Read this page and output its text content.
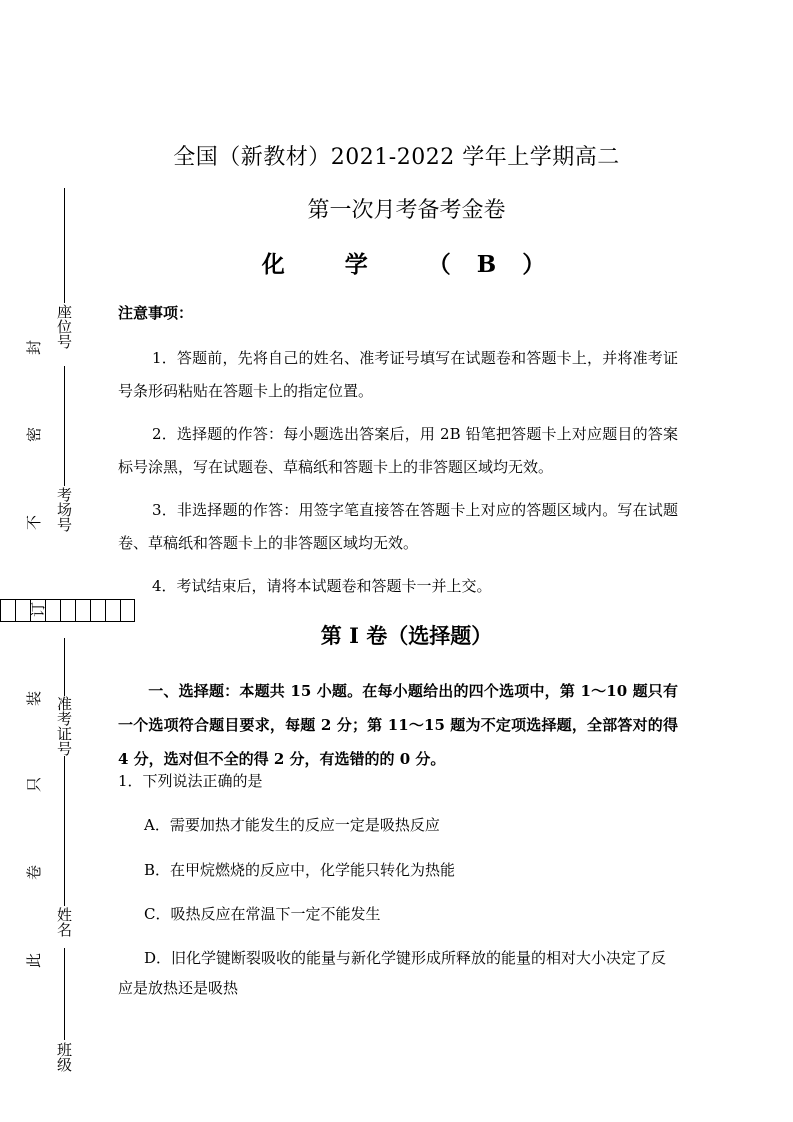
全国（新教材）2021-2022 学年上学期高二
第一次月考备考金卷
化 学 （B）
注意事项：
1．答题前，先将自己的姓名、准考证号填写在试题卷和答题卡上，并将准考证号条形码粘贴在答题卡上的指定位置。
2．选择题的作答：每小题选出答案后，用 2B 铅笔把答题卡上对应题目的答案标号涂黑，写在试题卷、草稿纸和答题卡上的非答题区域均无效。
3．非选择题的作答：用签字笔直接答在答题卡上对应的答题区域内。写在试题卷、草稿纸和答题卡上的非答题区域均无效。
4．考试结束后，请将本试题卷和答题卡一并上交。
第 I 卷（选择题）
一、选择题：本题共 15 小题。在每小题给出的四个选项中，第 1～10 题只有一个选项符合题目要求，每题 2 分；第 11～15 题为不定项选择题，全部答对的得 4 分，选对但不全的得 2 分，有选错的的 0 分。
1．下列说法正确的是
A．需要加热才能发生的反应一定是吸热反应
B．在甲烷燃烧的反应中，化学能只转化为热能
C．吸热反应在常温下一定不能发生
D．旧化学键断裂吸收的能量与新化学键形成所释放的能量的相对大小决定了反应是放热还是吸热
座位号
考场号
准考证号
姓名
班级
封
密
不
装
只
卷
此
订
